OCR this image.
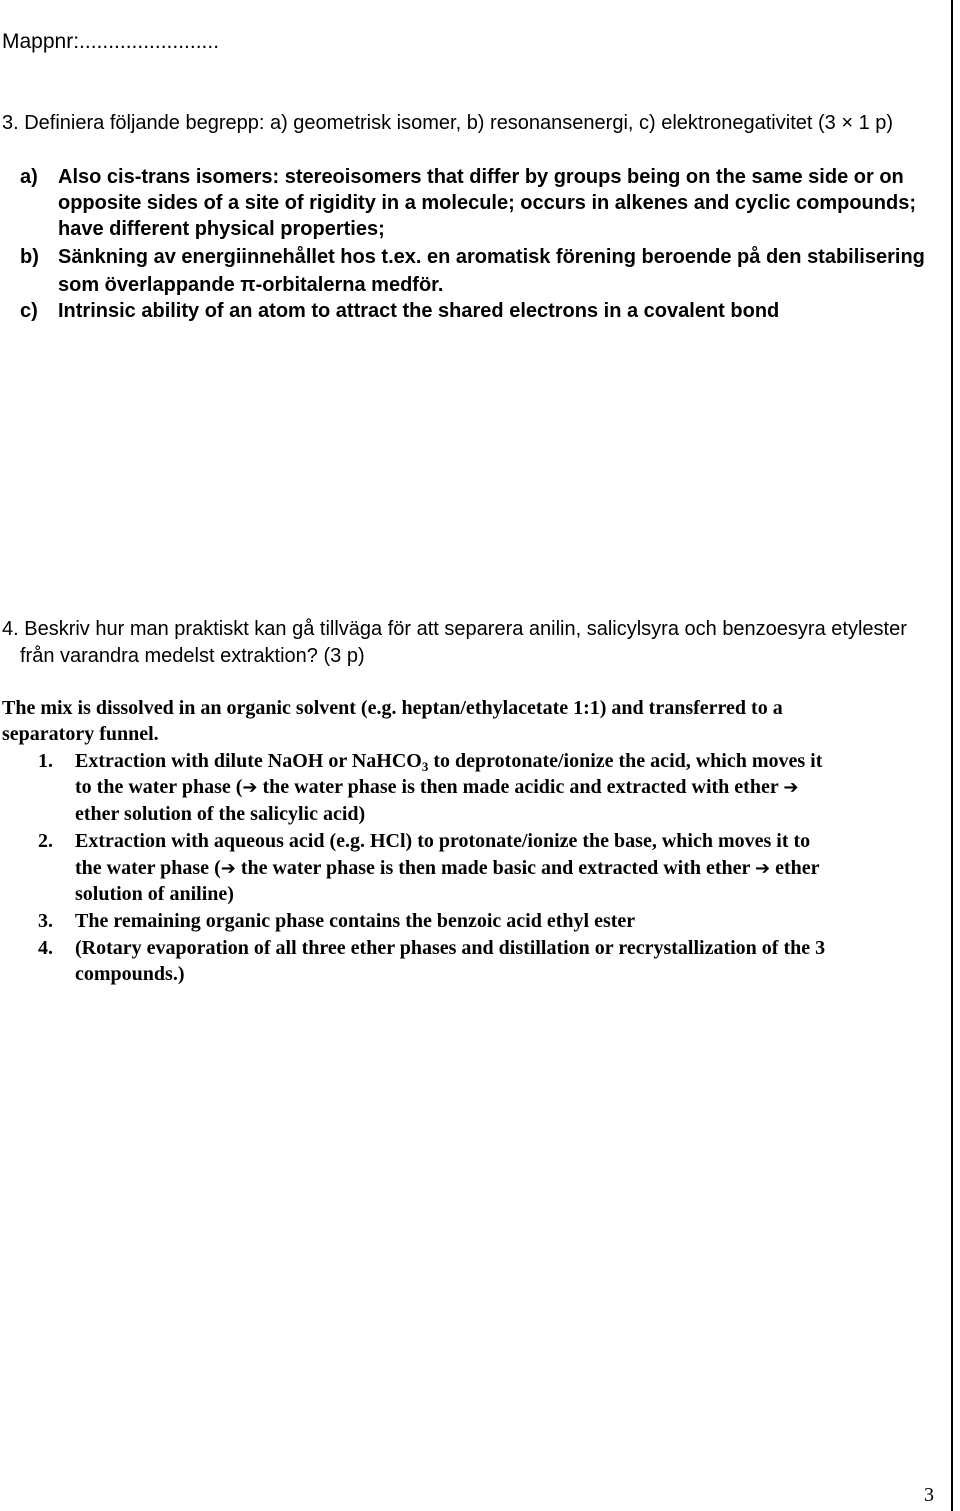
Mappnr:........................
3. Definiera följande begrepp: a) geometrisk isomer, b) resonansenergi, c) elektronegativitet (3 × 1 p)
a) Also cis-trans isomers: stereoisomers that differ by groups being on the same side or on
opposite sides of a site of rigidity in a molecule; occurs in alkenes and cyclic compounds;
have different physical properties;
b) Sänkning av energiinnehållet hos t.ex. en aromatisk förening beroende på den stabilisering
som överlappande π-orbitalerna medför.
c) Intrinsic ability of an atom to attract the shared electrons in a covalent bond
4. Beskriv hur man praktiskt kan gå tillväga för att separera anilin, salicylsyra och benzoesyra etylester
från varandra medelst extraktion? (3 p)
The mix is dissolved in an organic solvent (e.g. heptan/ethylacetate 1:1) and transferred to a
separatory funnel.
1. Extraction with dilute NaOH or NaHCO$_3$ to deprotonate/ionize the acid, which moves it
to the water phase (➔ the water phase is then made acidic and extracted with ether ➔
ether solution of the salicylic acid)
2. Extraction with aqueous acid (e.g. HCl) to protonate/ionize the base, which moves it to
the water phase (➔ the water phase is then made basic and extracted with ether ➔ ether
solution of aniline)
3. The remaining organic phase contains the benzoic acid ethyl ester
4. (Rotary evaporation of all three ether phases and distillation or recrystallization of the 3
compounds.)
3
